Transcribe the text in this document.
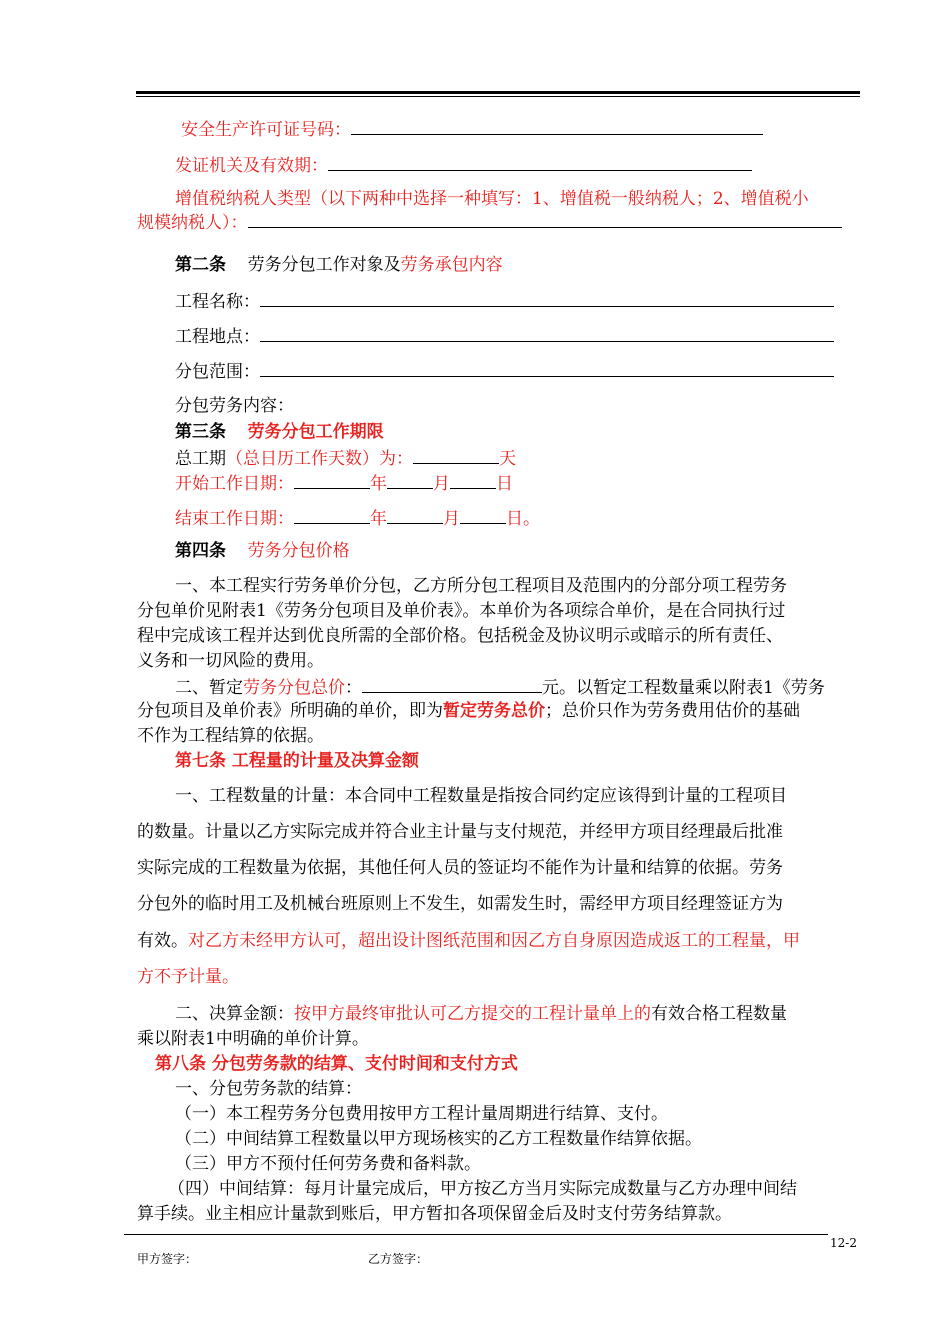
安全生产许可证号码：
发证机关及有效期：
增值税纳税人类型（以下两种中选择一种填写：1、增值税一般纳税人；2、增值税小
规模纳税人）：
第二条 劳务分包工作对象及劳务承包内容
工程名称：
工程地点：
分包范围：
分包劳务内容：
第三条 劳务分包工作期限
总工期（总日历工作天数）为：	天
开始工作日期：	年	月	日
结束工作日期：	年	月	日。
第四条 劳务分包价格
一、本工程实行劳务单价分包，乙方所分包工程项目及范围内的分部分项工程劳务
分包单价见附表1《劳务分包项目及单价表》。本单价为各项综合单价，是在合同执行过
程中完成该工程并达到优良所需的全部价格。包括税金及协议明示或暗示的所有责任、
义务和一切风险的费用。
二、暂定劳务分包总价：	元。以暂定工程数量乘以附表1《劳务
分包项目及单价表》所明确的单价，即为暂定劳务总价；总价只作为劳务费用估价的基础
不作为工程结算的依据。
第七条 工程量的计量及决算金额
一、工程数量的计量：本合同中工程数量是指按合同约定应该得到计量的工程项目
的数量。计量以乙方实际完成并符合业主计量与支付规范，并经甲方项目经理最后批准
实际完成的工程数量为依据，其他任何人员的签证均不能作为计量和结算的依据。劳务
分包外的临时用工及机械台班原则上不发生，如需发生时，需经甲方项目经理签证方为
有效。对乙方未经甲方认可，超出设计图纸范围和因乙方自身原因造成返工的工程量，甲
方不予计量。
二、决算金额：按甲方最终审批认可乙方提交的工程计量单上的有效合格工程数量
乘以附表1中明确的单价计算。
第八条 分包劳务款的结算、支付时间和支付方式
一、分包劳务款的结算：
（一）本工程劳务分包费用按甲方工程计量周期进行结算、支付。
（二）中间结算工程数量以甲方现场核实的乙方工程数量作结算依据。
（三）甲方不预付任何劳务费和备料款。
（四）中间结算：每月计量完成后，甲方按乙方当月实际完成数量与乙方办理中间结
算手续。业主相应计量款到账后，甲方暂扣各项保留金后及时支付劳务结算款。
12-2
甲方签字：	乙方签字：
